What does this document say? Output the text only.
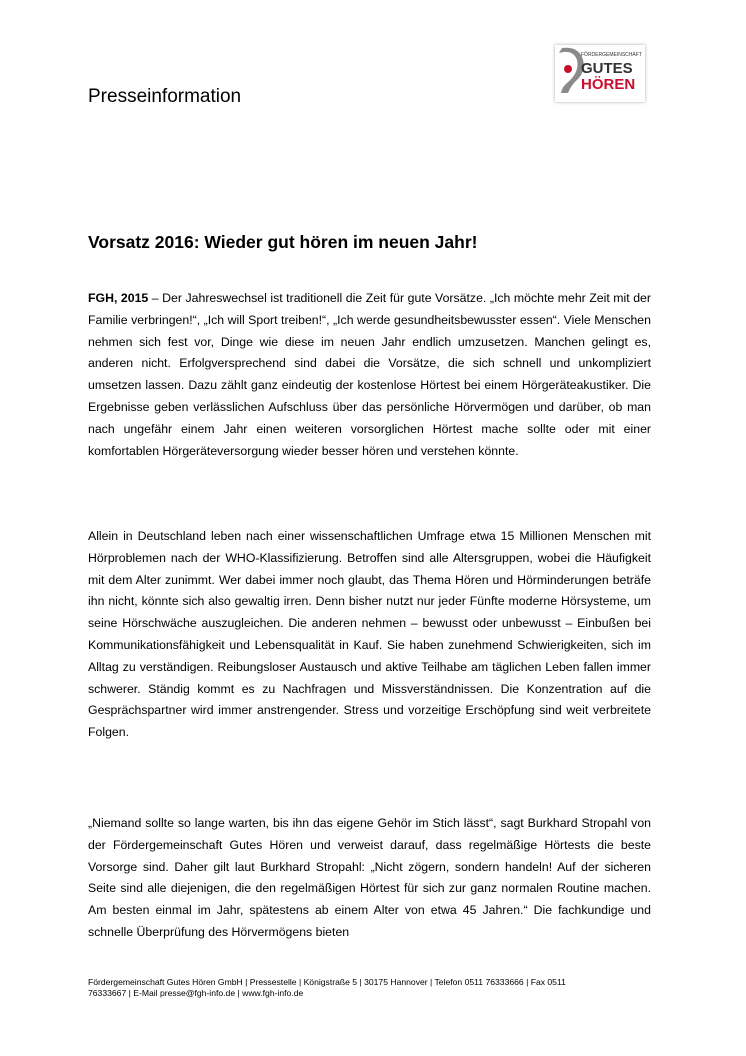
FÖRDERGEMEINSCHAFT
GUTES
HÖREN
Presseinformation
Vorsatz 2016: Wieder gut hören im neuen Jahr!

FGH, 2015 – Der Jahreswechsel ist traditionell die Zeit für gute Vorsätze. „Ich möchte mehr Zeit mit der Familie verbringen!“, „Ich will Sport treiben!“, „Ich werde gesundheitsbewusster essen“. Viele Menschen nehmen sich fest vor, Dinge wie diese im neuen Jahr endlich umzusetzen. Manchen gelingt es, anderen nicht. Erfolgversprechend sind dabei die Vorsätze, die sich schnell und unkompliziert umsetzen lassen. Dazu zählt ganz eindeutig der kostenlose Hörtest bei einem Hörgeräteakustiker. Die Ergebnisse geben verlässlichen Aufschluss über das persönliche Hörvermögen und darüber, ob man nach ungefähr einem Jahr einen weiteren vorsorglichen Hörtest mache sollte oder mit einer komfortablen Hörgeräteversorgung wieder besser hören und verstehen könnte.

Allein in Deutschland leben nach einer wissenschaftlichen Umfrage etwa 15 Millionen Menschen mit Hörproblemen nach der WHO-Klassifizierung. Betroffen sind alle Altersgruppen, wobei die Häufigkeit mit dem Alter zunimmt. Wer dabei immer noch glaubt, das Thema Hören und Hörminderungen beträfe ihn nicht, könnte sich also gewaltig irren. Denn bisher nutzt nur jeder Fünfte moderne Hörsysteme, um seine Hörschwäche auszugleichen. Die anderen nehmen – bewusst oder unbewusst – Einbußen bei Kommunikationsfähigkeit und Lebensqualität in Kauf. Sie haben zunehmend Schwierigkeiten, sich im Alltag zu verständigen. Reibungsloser Austausch und aktive Teilhabe am täglichen Leben fallen immer schwerer. Ständig kommt es zu Nachfragen und Missverständnissen. Die Konzentration auf die Gesprächspartner wird immer anstrengender. Stress und vorzeitige Erschöpfung sind weit verbreitete Folgen.

„Niemand sollte so lange warten, bis ihn das eigene Gehör im Stich lässt“, sagt Burkhard Stropahl von der Fördergemeinschaft Gutes Hören und verweist darauf, dass regelmäßige Hörtests die beste Vorsorge sind. Daher gilt laut Burkhard Stropahl: „Nicht zögern, sondern handeln! Auf der sicheren Seite sind alle diejenigen, die den regelmäßigen Hörtest für sich zur ganz normalen Routine machen. Am besten einmal im Jahr, spätestens ab einem Alter von etwa 45 Jahren.“ Die fachkundige und schnelle Überprüfung des Hörvermögens bieten

Fördergemeinschaft Gutes Hören GmbH | Pressestelle | Königstraße 5 | 30175 Hannover | Telefon 0511 76333666 | Fax 0511
76333667 | E-Mail presse@fgh-info.de | www.fgh-info.de
